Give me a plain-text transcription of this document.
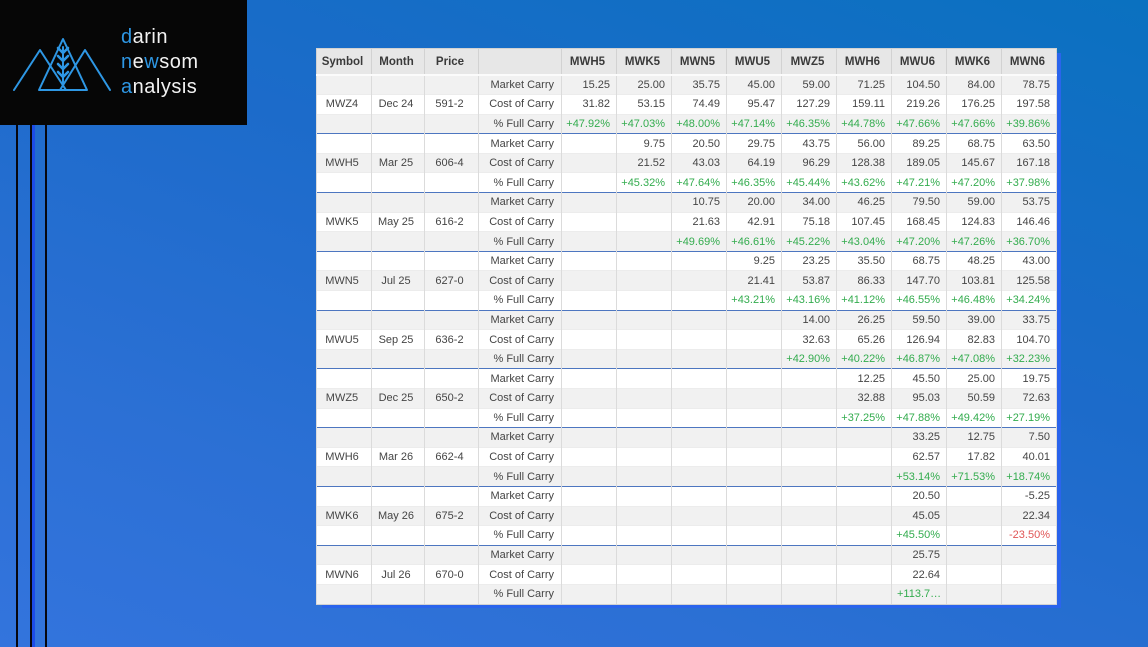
darin
newsom
analysis
Symbol	Month	Price		MWH5	MWK5	MWN5	MWU5	MWZ5	MWH6	MWU6	MWK6	MWN6
			Market Carry	15.25	25.00	35.75	45.00	59.00	71.25	104.50	84.00	78.75
MWZ4	Dec 24	591-2	Cost of Carry	31.82	53.15	74.49	95.47	127.29	159.11	219.26	176.25	197.58
			% Full Carry	+47.92%	+47.03%	+48.00%	+47.14%	+46.35%	+44.78%	+47.66%	+47.66%	+39.86%
			Market Carry		9.75	20.50	29.75	43.75	56.00	89.25	68.75	63.50
MWH5	Mar 25	606-4	Cost of Carry		21.52	43.03	64.19	96.29	128.38	189.05	145.67	167.18
			% Full Carry		+45.32%	+47.64%	+46.35%	+45.44%	+43.62%	+47.21%	+47.20%	+37.98%
			Market Carry			10.75	20.00	34.00	46.25	79.50	59.00	53.75
MWK5	May 25	616-2	Cost of Carry			21.63	42.91	75.18	107.45	168.45	124.83	146.46
			% Full Carry			+49.69%	+46.61%	+45.22%	+43.04%	+47.20%	+47.26%	+36.70%
			Market Carry				9.25	23.25	35.50	68.75	48.25	43.00
MWN5	Jul 25	627-0	Cost of Carry				21.41	53.87	86.33	147.70	103.81	125.58
			% Full Carry				+43.21%	+43.16%	+41.12%	+46.55%	+46.48%	+34.24%
			Market Carry					14.00	26.25	59.50	39.00	33.75
MWU5	Sep 25	636-2	Cost of Carry					32.63	65.26	126.94	82.83	104.70
			% Full Carry					+42.90%	+40.22%	+46.87%	+47.08%	+32.23%
			Market Carry						12.25	45.50	25.00	19.75
MWZ5	Dec 25	650-2	Cost of Carry						32.88	95.03	50.59	72.63
			% Full Carry						+37.25%	+47.88%	+49.42%	+27.19%
			Market Carry							33.25	12.75	7.50
MWH6	Mar 26	662-4	Cost of Carry							62.57	17.82	40.01
			% Full Carry							+53.14%	+71.53%	+18.74%
			Market Carry							20.50		-5.25
MWK6	May 26	675-2	Cost of Carry							45.05		22.34
			% Full Carry							+45.50%		-23.50%
			Market Carry							25.75		
MWN6	Jul 26	670-0	Cost of Carry							22.64		
			% Full Carry							+113.7…		
